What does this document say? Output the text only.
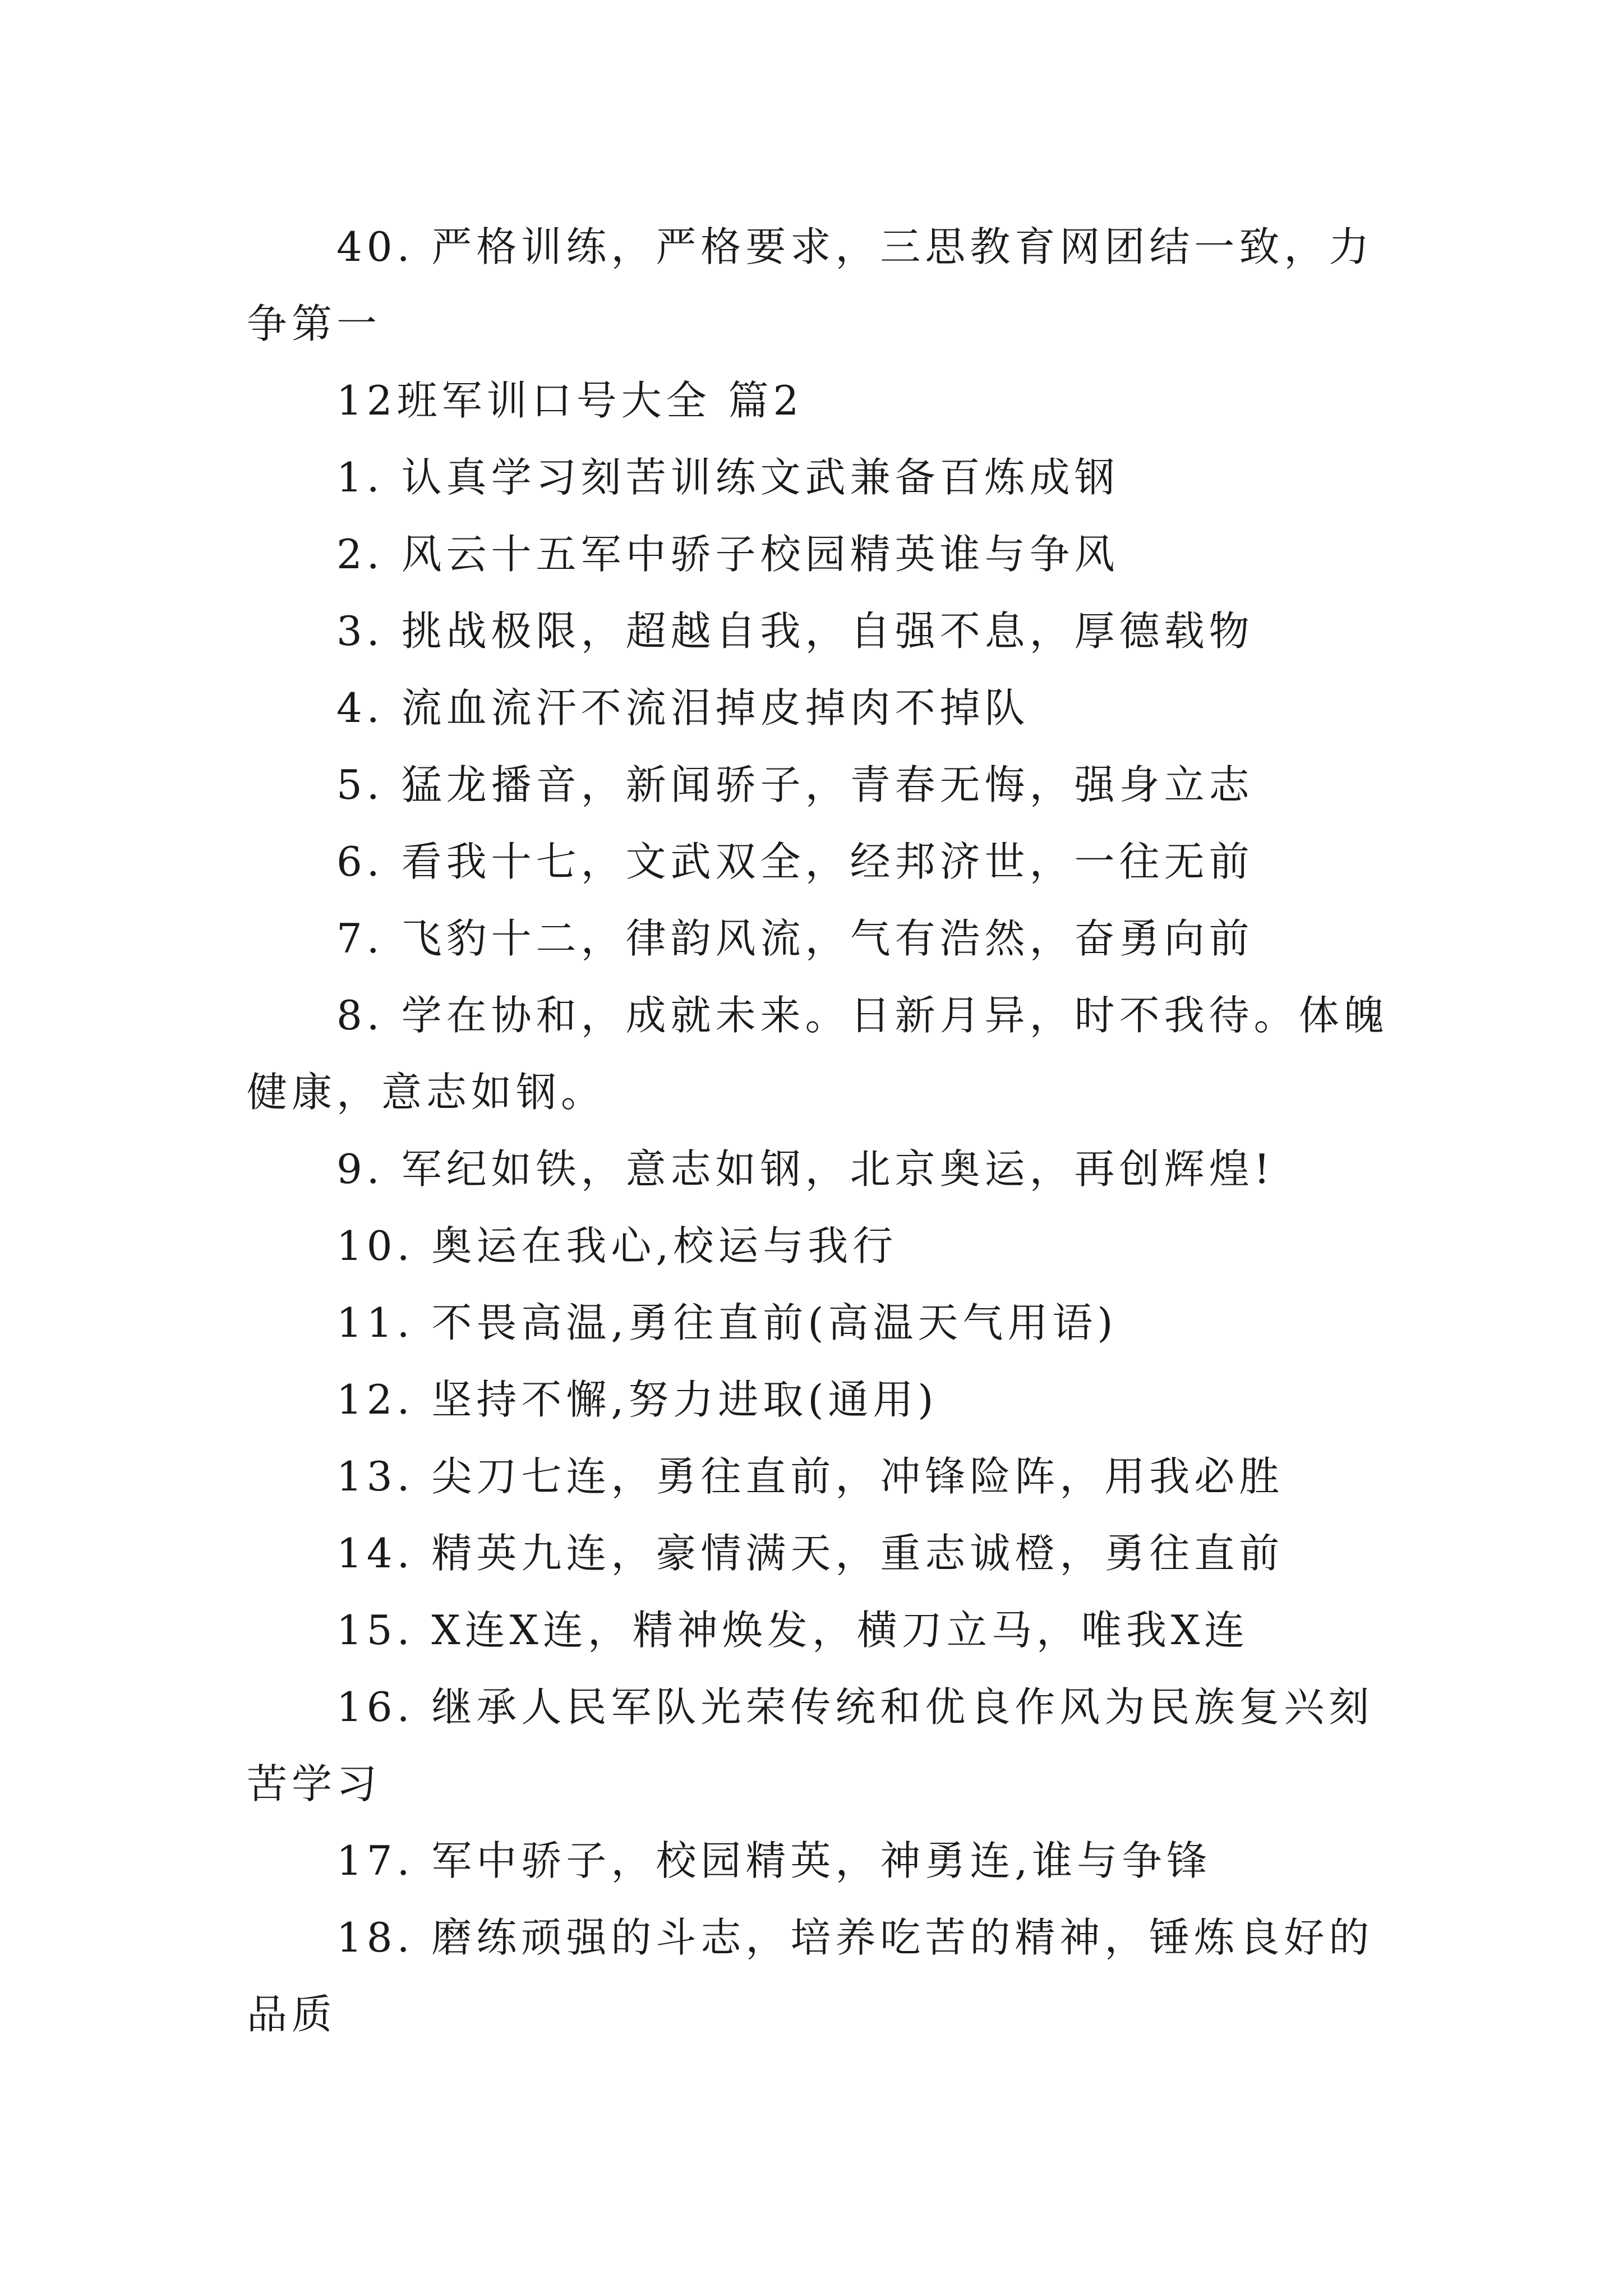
40. 严格训练，严格要求，三思教育网团结一致，力争第一

12班军训口号大全 篇2

1. 认真学习刻苦训练文武兼备百炼成钢

2. 风云十五军中骄子校园精英谁与争风

3. 挑战极限，超越自我，自强不息，厚德载物

4. 流血流汗不流泪掉皮掉肉不掉队

5. 猛龙播音，新闻骄子，青春无悔，强身立志

6. 看我十七，文武双全，经邦济世，一往无前

7. 飞豹十二，律韵风流，气有浩然，奋勇向前

8. 学在协和，成就未来。日新月异，时不我待。体魄健康，意志如钢。

9. 军纪如铁，意志如钢，北京奥运，再创辉煌!

10. 奥运在我心,校运与我行

11. 不畏高温,勇往直前(高温天气用语)

12. 坚持不懈,努力进取(通用)

13. 尖刀七连，勇往直前，冲锋险阵，用我必胜

14. 精英九连，豪情满天，重志诚橙，勇往直前

15. X连X连，精神焕发，横刀立马，唯我X连

16. 继承人民军队光荣传统和优良作风为民族复兴刻苦学习

17. 军中骄子，校园精英，神勇连,谁与争锋

18. 磨练顽强的斗志，培养吃苦的精神，锤炼良好的品质
